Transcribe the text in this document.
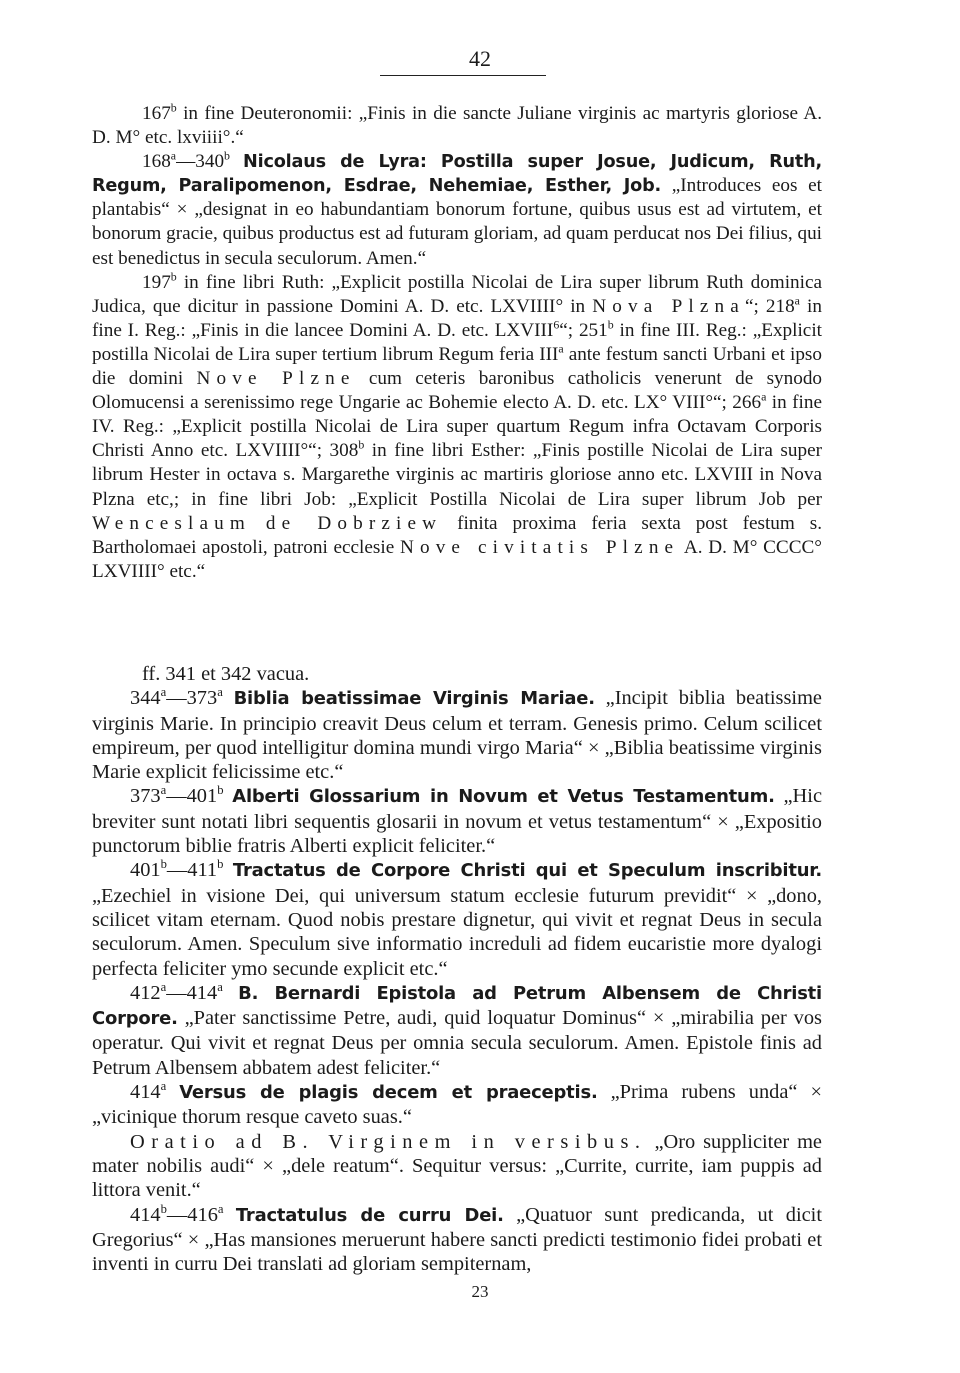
42

167$^b$ in fine Deuteronomii: „Finis in die sancte Juliane virginis ac martyris gloriose A. D. M° etc. lxviiii°.“

168$^a$—340$^b$ Nicolaus de Lyra: Postilla super Josue, Judicum, Ruth, Regum, Paralipomenon, Esdrae, Nehemiae, Esther, Job. „Introduces eos et plantabis“ × „designat in eo habundantiam bonorum fortune, quibus usus est ad virtutem, et bonorum gracie, quibus productus est ad futuram gloriam, ad quam perducat nos Dei filius, qui est benedictus in secula seculorum. Amen.“

197$^b$ in fine libri Ruth: „Explicit postilla Nicolai de Lira super librum Ruth dominica Judica, que dicitur in passione Domini A. D. etc. LXVIIII° in Nova Plzna“; 218$^a$ in fine I. Reg.: „Finis in die lancee Domini A. D. etc. LXVIII$^6$“; 251$^b$ in fine III. Reg.: „Explicit postilla Nicolai de Lira super tertium librum Regum feria III$^a$ ante festum sancti Urbani et ipso die domini Nove Plzne cum ceteris baronibus catholicis venerunt de synodo Olomucensi a serenissimo rege Ungarie ac Bohemie electo A. D. etc. LX° VIII°“; 266$^a$ in fine IV. Reg.: „Explicit postilla Nicolai de Lira super quartum Regum infra Octavam Corporis Christi Anno etc. LXVIIII°“; 308$^b$ in fine libri Esther: „Finis postille Nicolai de Lira super librum Hester in octava s. Margarethe virginis ac martiris gloriose anno etc. LXVIII in Nova Plzna etc,; in fine libri Job: „Explicit Postilla Nicolai de Lira super librum Job per Wenceslaum de Dobrziew finita proxima feria sexta post festum s. Bartholomaei apostoli, patroni ecclesie Nove civitatis Plzne A. D. M° CCCC° LXVIIII° etc.“

ff. 341 et 342 vacua.

344$^a$—373$^a$ Biblia beatissimae Virginis Mariae. „Incipit biblia beatissime virginis Marie. In principio creavit Deus celum et terram. Genesis primo. Celum scilicet empireum, per quod intelligitur domina mundi virgo Maria“ × „Biblia beatissime virginis Marie explicit felicissime etc.“

373$^a$—401$^b$ Alberti Glossarium in Novum et Vetus Testamentum. „Hic breviter sunt notati libri sequentis glosarii in novum et vetus testamentum“ × „Expositio punctorum biblie fratris Alberti explicit feliciter.“

401$^b$—411$^b$ Tractatus de Corpore Christi qui et Speculum inscribitur. „Ezechiel in visione Dei, qui universum statum ecclesie futurum previdit“ × „dono, scilicet vitam eternam. Quod nobis prestare dignetur, qui vivit et regnat Deus in secula seculorum. Amen. Speculum sive informatio increduli ad fidem eucaristie more dyalogi perfecta feliciter ymo secunde explicit etc.“

412$^a$—414$^a$ B. Bernardi Epistola ad Petrum Albensem de Christi Corpore. „Pater sanctissime Petre, audi, quid loquatur Dominus“ × „mirabilia per vos operatur. Qui vivit et regnat Deus per omnia secula seculorum. Amen. Epistole finis ad Petrum Albensem abbatem adest feliciter.“

414$^a$ Versus de plagis decem et praeceptis. „Prima rubens unda“ × „vicinique thorum resque caveto suas.“

Oratio ad B. Virginem in versibus. „Oro suppliciter me mater nobilis audi“ × „dele reatum“. Sequitur versus: „Currite, currite, iam puppis ad littora venit.“

414$^b$—416$^a$ Tractatulus de curru Dei. „Quatuor sunt predicanda, ut dicit Gregorius“ × „Has mansiones meruerunt habere sancti predicti testimonio fidei probati et inventi in curru Dei translati ad gloriam sempiternam,

23
